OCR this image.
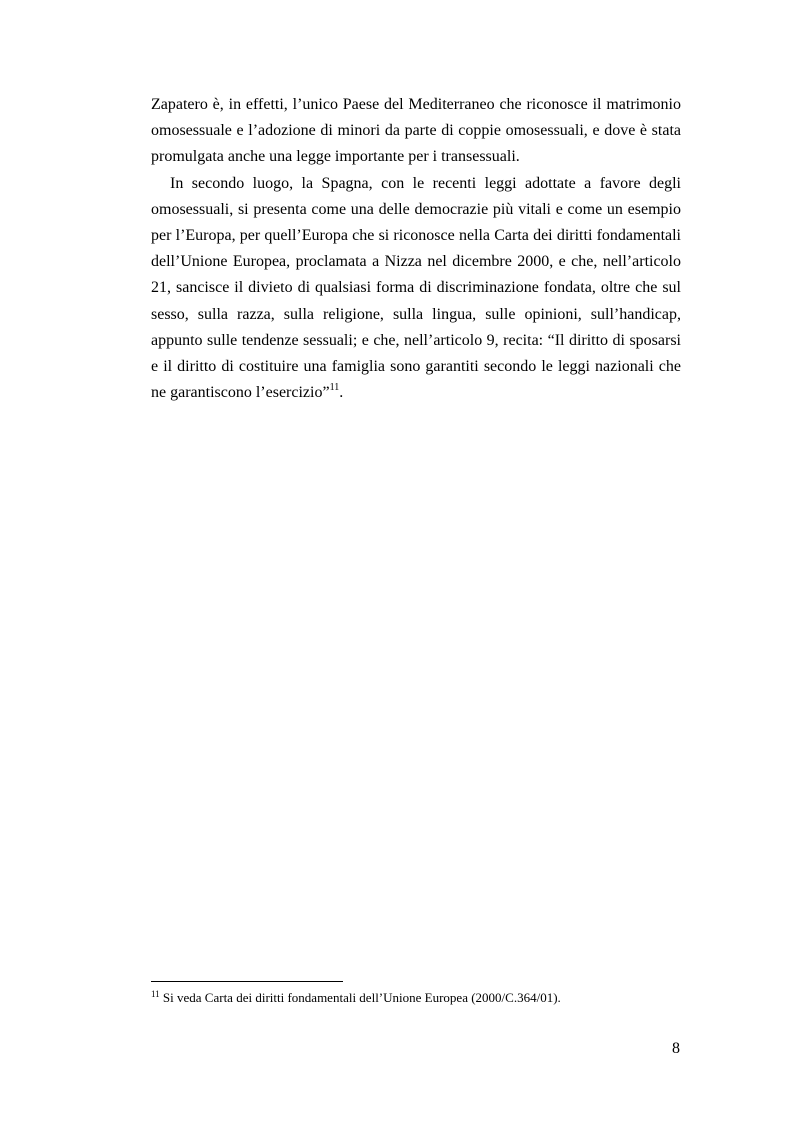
Zapatero è, in effetti, l’unico Paese del Mediterraneo che riconosce il matrimonio omosessuale e l’adozione di minori da parte di coppie omosessuali, e dove è stata promulgata anche una legge importante per i transessuali.

In secondo luogo, la Spagna, con le recenti leggi adottate a favore degli omosessuali, si presenta come una delle democrazie più vitali e come un esempio per l’Europa, per quell’Europa che si riconosce nella Carta dei diritti fondamentali dell’Unione Europea, proclamata a Nizza nel dicembre 2000, e che, nell’articolo 21, sancisce il divieto di qualsiasi forma di discriminazione fondata, oltre che sul sesso, sulla razza, sulla religione, sulla lingua, sulle opinioni, sull’handicap, appunto sulle tendenze sessuali; e che, nell’articolo 9, recita: “Il diritto di sposarsi e il diritto di costituire una famiglia sono garantiti secondo le leggi nazionali che ne garantiscono l’esercizio”$^{11}$.

$^{11}$ Si veda Carta dei diritti fondamentali dell’Unione Europea (2000/C.364/01).
8
